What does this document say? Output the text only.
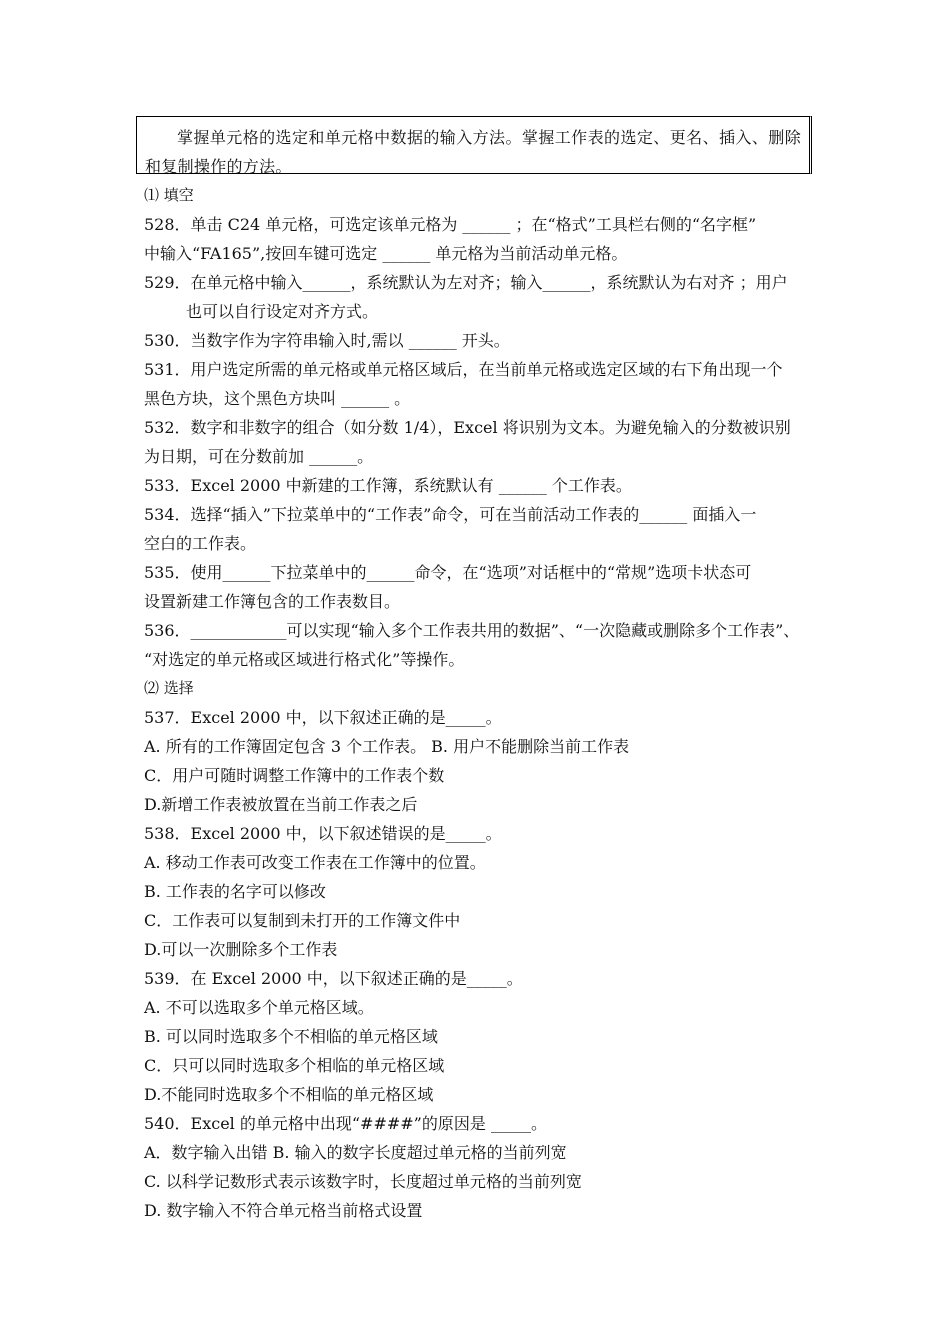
掌握单元格的选定和单元格中数据的输入方法。掌握工作表的选定、更名、插入、删除和复制操作的方法。
⑴ 填空
528．单击 C24 单元格，可选定该单元格为 ______ ；在“格式”工具栏右侧的“名字框”
中输入“FA165”,按回车键可选定 ______ 单元格为当前活动单元格。
529．在单元格中输入______，系统默认为左对齐；输入______，系统默认为右对齐 ；用户
也可以自行设定对齐方式。
530．当数字作为字符串输入时,需以 ______ 开头。
531．用户选定所需的单元格或单元格区域后，在当前单元格或选定区域的右下角出现一个
黑色方块，这个黑色方块叫 ______ 。
532．数字和非数字的组合（如分数 1/4），Excel 将识别为文本。为避免输入的分数被识别
为日期，可在分数前加 ______。
533．Excel 2000 中新建的工作簿，系统默认有 ______ 个工作表。
534．选择“插入”下拉菜单中的“工作表”命令，可在当前活动工作表的______ 面插入一
空白的工作表。
535．使用______下拉菜单中的______命令，在“选项”对话框中的“常规”选项卡状态可
设置新建工作簿包含的工作表数目。
536．____________可以实现“输入多个工作表共用的数据”、“一次隐藏或删除多个工作表”、
“对选定的单元格或区域进行格式化”等操作。
⑵ 选择
537．Excel 2000 中，以下叙述正确的是_____。
A. 所有的工作簿固定包含 3 个工作表。 B. 用户不能删除当前工作表
C．用户可随时调整工作簿中的工作表个数
D.新增工作表被放置在当前工作表之后
538．Excel 2000 中，以下叙述错误的是_____。
A. 移动工作表可改变工作表在工作簿中的位置。
B. 工作表的名字可以修改
C．工作表可以复制到未打开的工作簿文件中
D.可以一次删除多个工作表
539．在 Excel 2000 中，以下叙述正确的是_____。
A. 不可以选取多个单元格区域。
B. 可以同时选取多个不相临的单元格区域
C．只可以同时选取多个相临的单元格区域
D.不能同时选取多个不相临的单元格区域
540．Excel 的单元格中出现“####”的原因是 _____。
A．数字输入出错 B. 输入的数字长度超过单元格的当前列宽
C. 以科学记数形式表示该数字时，长度超过单元格的当前列宽
D. 数字输入不符合单元格当前格式设置
